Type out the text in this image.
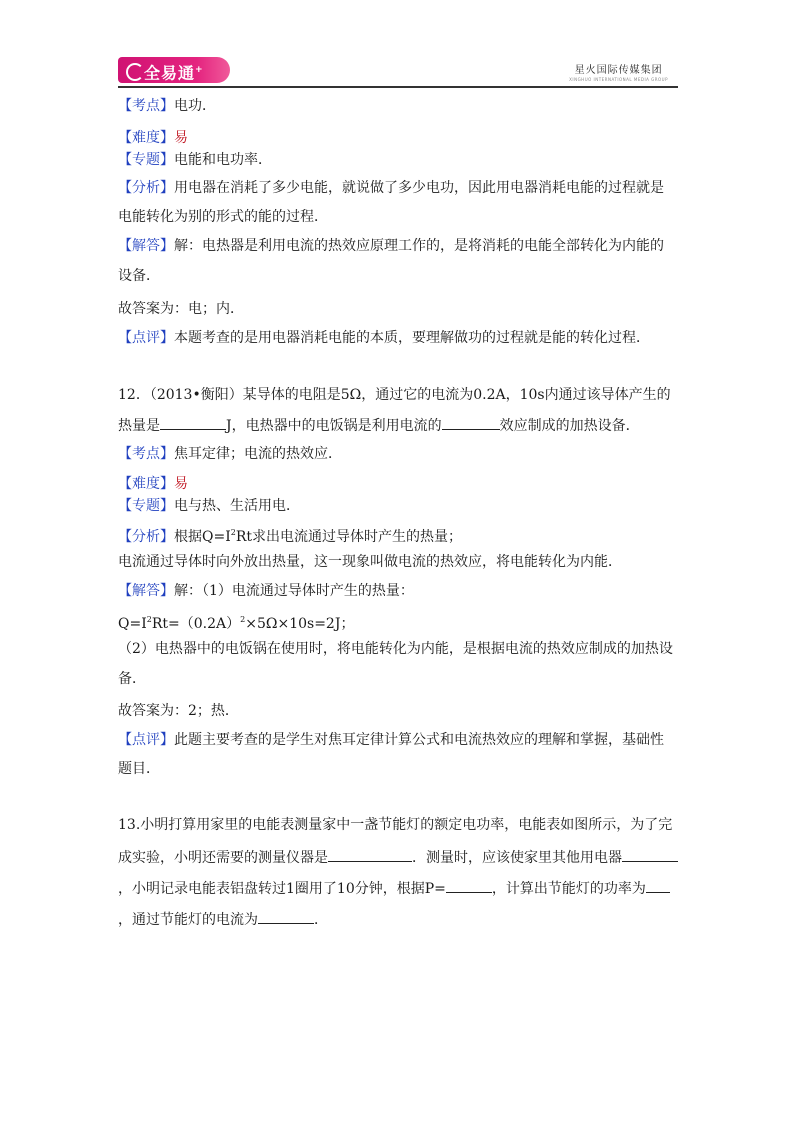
全易通+	星火国际传媒集团
XINGHUO INTERNATIONAL MEDIA GROUP
【考点】电功．
【难度】易
【专题】电能和电功率．
【分析】用电器在消耗了多少电能，就说做了多少电功，因此用电器消耗电能的过程就是
电能转化为别的形式的能的过程．
【解答】解：电热器是利用电流的热效应原理工作的，是将消耗的电能全部转化为内能的
设备．
故答案为：电；内．
【点评】本题考查的是用电器消耗电能的本质，要理解做功的过程就是能的转化过程．
12．（2013•衡阳）某导体的电阻是5Ω，通过它的电流为0.2A，10s内通过该导体产生的
热量是	J，电热器中的电饭锅是利用电流的	效应制成的加热设备．
【考点】焦耳定律；电流的热效应．
【难度】易
【专题】电与热、生活用电．
【分析】根据$Q=I^2Rt$求出电流通过导体时产生的热量；
电流通过导体时向外放出热量，这一现象叫做电流的热效应，将电能转化为内能．
【解答】解：（1）电流通过导体时产生的热量：
$Q=I^2Rt=(0.2A)^2\times 5\Omega\times 10s=2J$；
（2）电热器中的电饭锅在使用时，将电能转化为内能，是根据电流的热效应制成的加热设
备．
故答案为：2；热．
【点评】此题主要考查的是学生对焦耳定律计算公式和电流热效应的理解和掌握，基础性
题目．
13.小明打算用家里的电能表测量家中一盏节能灯的额定电功率，电能表如图所示，为了完
成实验，小明还需要的测量仪器是	．测量时，应该使家里其他用电器
，小明记录电能表铝盘转过1圈用了10分钟，根据P=	，计算出节能灯的功率为
，通过节能灯的电流为	．
